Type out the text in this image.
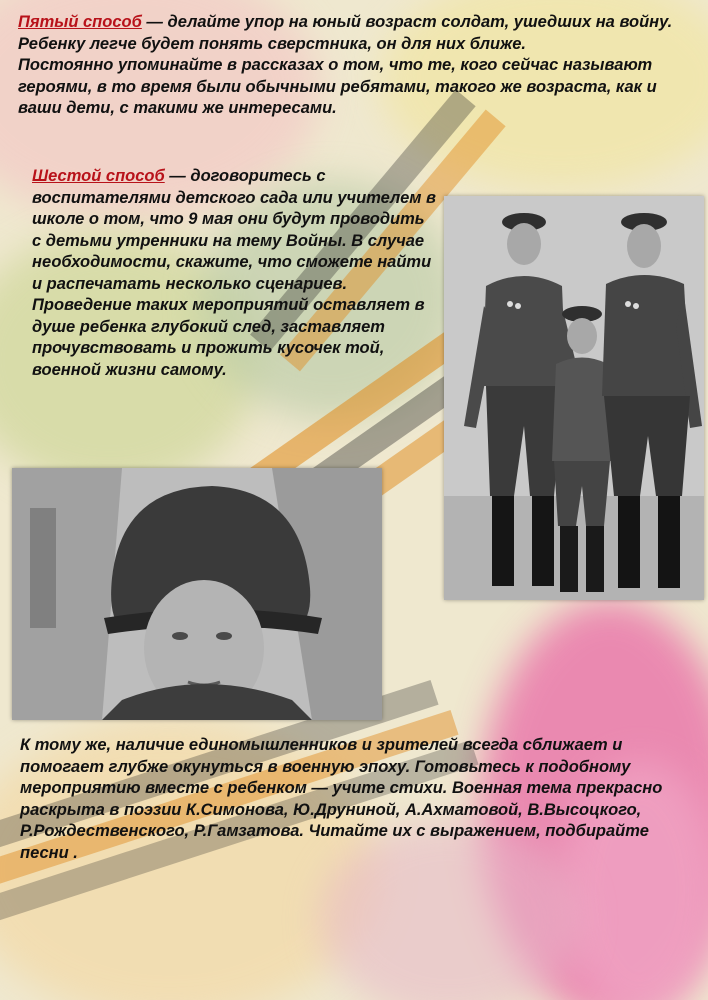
Пятый способ — делайте упор на юный возраст солдат, ушедших на войну.

Ребенку легче будет понять сверстника, он для них ближе.

Постоянно упоминайте в рассказах о том, что те, кого сейчас называют героями, в то время были обычными ребятами, такого же возраста, как и ваши дети, с такими же интересами.

Шестой способ — договоритесь с воспитателями детского сада или учителем в школе о том, что 9 мая они будут проводить с детьми утренники на тему Войны. В случае необходимости, скажите, что сможете найти и распечатать несколько сценариев. Проведение таких мероприятий оставляет в душе ребенка глубокий след, заставляет прочувствовать и прожить кусочек той, военной жизни самому.

К тому же, наличие единомышленников и зрителей всегда сближает и помогает глубже окунуться в военную эпоху. Готовьтесь к подобному мероприятию вместе с ребенком — учите стихи. Военная тема прекрасно раскрыта в поэзии К.Симонова, Ю.Друниной, А.Ахматовой, В.Высоцкого, Р.Рождественского, Р.Гамзатова. Читайте их с выражением, подбирайте песни .
